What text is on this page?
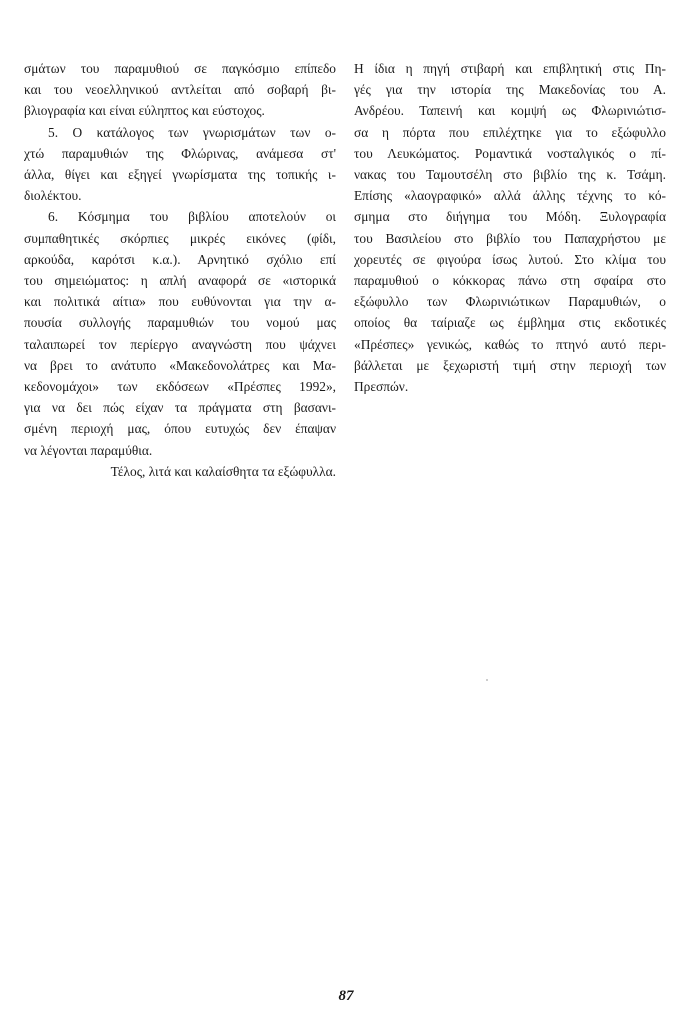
σμάτων του παραμυθιού σε παγκόσμιο επίπεδο
και του νεοελληνικού αντλείται από σοβαρή βι-
βλιογραφία και είναι εύληπτος και εύστοχος.
5. Ο κατάλογος των γνωρισμάτων των ο-
χτώ παραμυθιών της Φλώρινας, ανάμεσα στ'
άλλα, θίγει και εξηγεί γνωρίσματα της τοπικής ι-
διολέκτου.
6. Κόσμημα του βιβλίου αποτελούν οι
συμπαθητικές σκόρπιες μικρές εικόνες (φίδι,
αρκούδα, καρότσι κ.α.). Αρνητικό σχόλιο επί
του σημειώματος: η απλή αναφορά σε «ιστορικά
και πολιτικά αίτια» που ευθύνονται για την α-
πουσία συλλογής παραμυθιών του νομού μας
ταλαιπωρεί τον περίεργο αναγνώστη που ψάχνει
να βρει το ανάτυπο «Μακεδονολάτρες και Μα-
κεδονομάχοι» των εκδόσεων «Πρέσπες 1992»,
για να δει πώς είχαν τα πράγματα στη βασανι-
σμένη περιοχή μας, όπου ευτυχώς δεν έπαψαν
να λέγονται παραμύθια.
Τέλος, λιτά και καλαίσθητα τα εξώφυλλα.
Η ίδια η πηγή στιβαρή και επιβλητική στις Πη-
γές για την ιστορία της Μακεδονίας του Α.
Ανδρέου. Ταπεινή και κομψή ως Φλωρινιώτισ-
σα η πόρτα που επιλέχτηκε για το εξώφυλλο
του Λευκώματος. Ρομαντικά νοσταλγικός ο πί-
νακας του Ταμουτσέλη στο βιβλίο της κ. Τσάμη.
Επίσης «λαογραφικό» αλλά άλλης τέχνης το κό-
σμημα στο διήγημα του Μόδη. Ξυλογραφία
του Βασιλείου στο βιβλίο του Παπαχρήστου με
χορευτές σε φιγούρα ίσως λυτού. Στο κλίμα του
παραμυθιού ο κόκκορας πάνω στη σφαίρα στο
εξώφυλλο των Φλωρινιώτικων Παραμυθιών, ο
οποίος θα ταίριαζε ως έμβλημα στις εκδοτικές
«Πρέσπες» γενικώς, καθώς το πτηνό αυτό περι-
βάλλεται με ξεχωριστή τιμή στην περιοχή των
Πρεσπών.
87
